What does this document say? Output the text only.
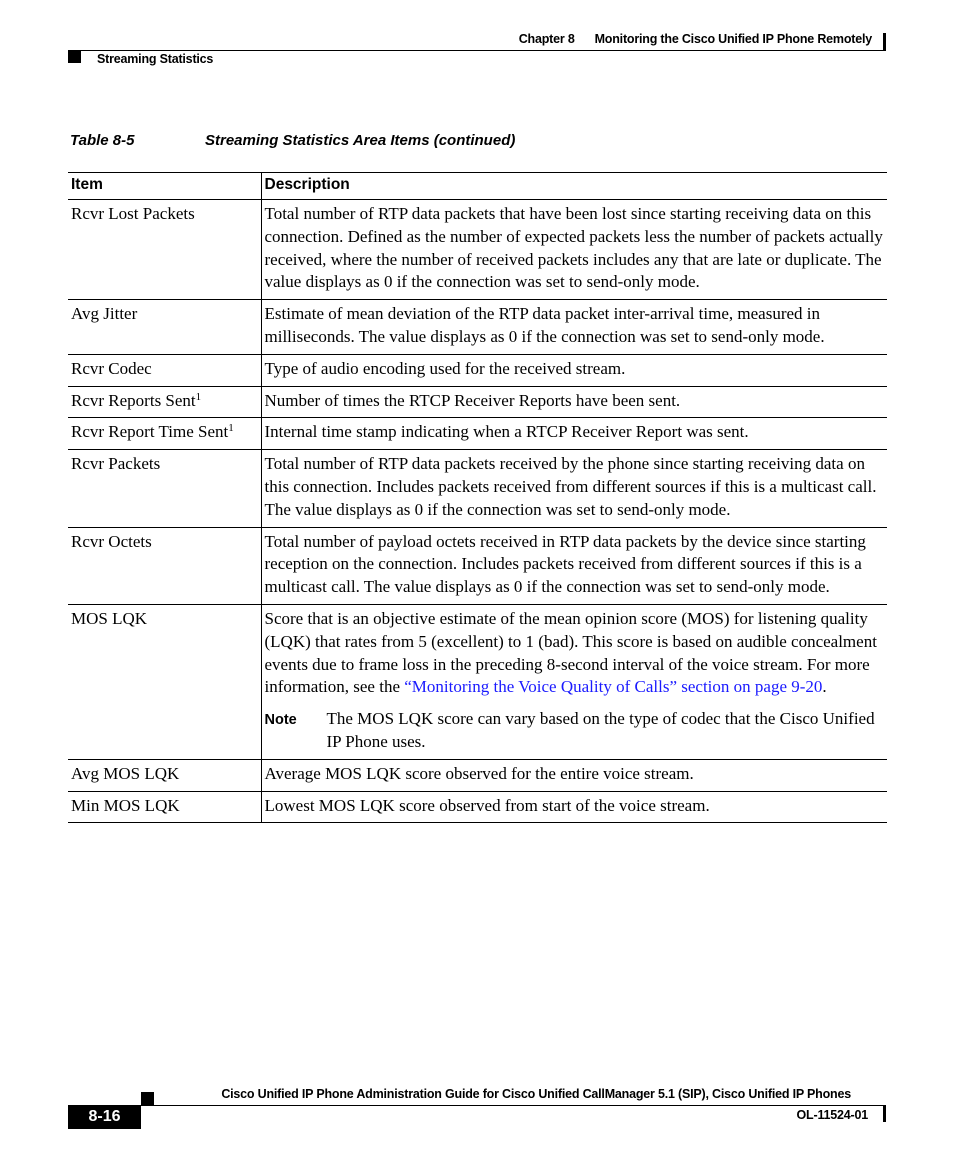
Chapter 8 Monitoring the Cisco Unified IP Phone Remotely
Streaming Statistics
Table 8-5	Streaming Statistics Area Items (continued)
Item	Description
Rcvr Lost Packets	Total number of RTP data packets that have been lost since starting receiving data on this connection. Defined as the number of expected packets less the number of packets actually received, where the number of received packets includes any that are late or duplicate. The value displays as 0 if the connection was set to send-only mode.
Avg Jitter	Estimate of mean deviation of the RTP data packet inter-arrival time, measured in milliseconds. The value displays as 0 if the connection was set to send-only mode.
Rcvr Codec	Type of audio encoding used for the received stream.
Rcvr Reports Sent$^1$	Number of times the RTCP Receiver Reports have been sent.
Rcvr Report Time Sent$^1$	Internal time stamp indicating when a RTCP Receiver Report was sent.
Rcvr Packets	Total number of RTP data packets received by the phone since starting receiving data on this connection. Includes packets received from different sources if this is a multicast call. The value displays as 0 if the connection was set to send-only mode.
Rcvr Octets	Total number of payload octets received in RTP data packets by the device since starting reception on the connection. Includes packets received from different sources if this is a multicast call. The value displays as 0 if the connection was set to send-only mode.
MOS LQK	Score that is an objective estimate of the mean opinion score (MOS) for listening quality (LQK) that rates from 5 (excellent) to 1 (bad). This score is based on audible concealment events due to frame loss in the preceding 8-second interval of the voice stream. For more information, see the “Monitoring the Voice Quality of Calls” section on page 9-20.
Note The MOS LQK score can vary based on the type of codec that the Cisco Unified IP Phone uses.

Avg MOS LQK	Average MOS LQK score observed for the entire voice stream.
Min MOS LQK	Lowest MOS LQK score observed from start of the voice stream.
Cisco Unified IP Phone Administration Guide for Cisco Unified CallManager 5.1 (SIP), Cisco Unified IP Phones
8-16	OL-11524-01
